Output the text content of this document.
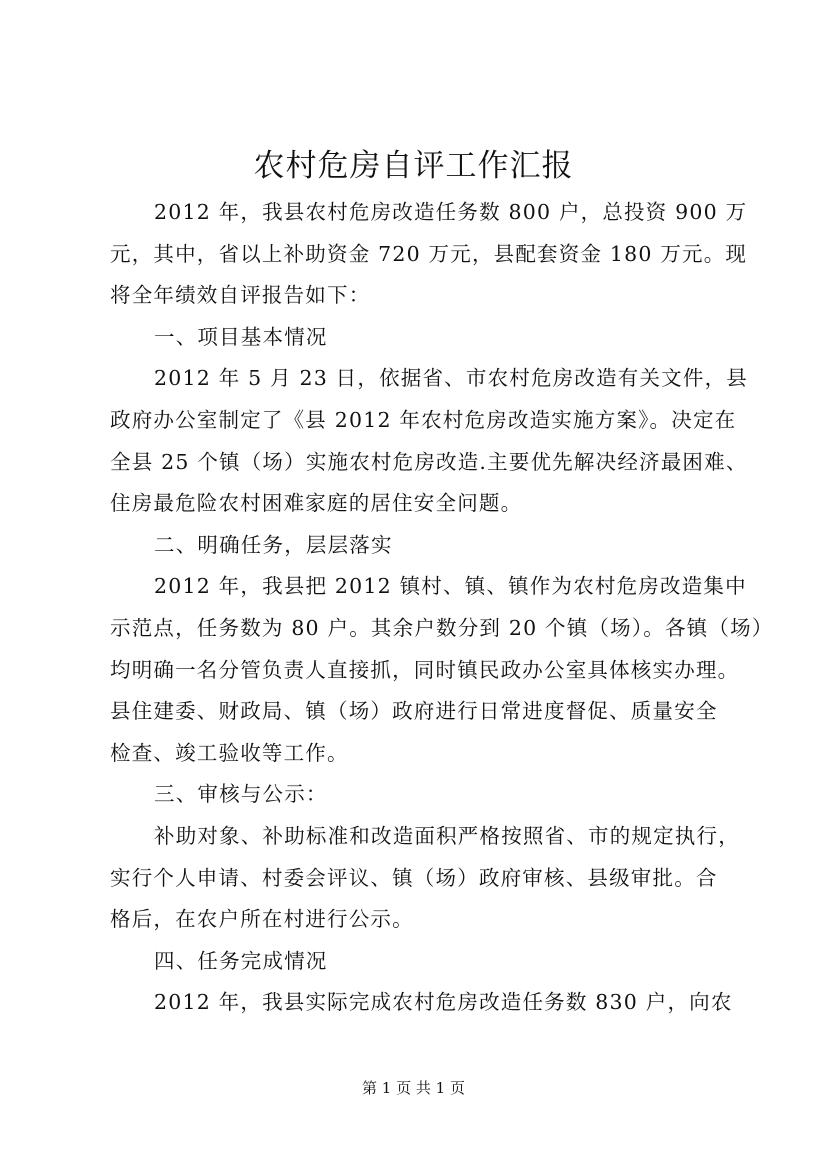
农村危房自评工作汇报
2012 年，我县农村危房改造任务数 800 户，总投资 900 万
元，其中，省以上补助资金 720 万元，县配套资金 180 万元。现
将全年绩效自评报告如下：
一、项目基本情况
2012 年 5 月 23 日，依据省、市农村危房改造有关文件，县
政府办公室制定了《县 2012 年农村危房改造实施方案》。决定在
全县 25 个镇（场）实施农村危房改造.主要优先解决经济最困难、
住房最危险农村困难家庭的居住安全问题。
二、明确任务，层层落实
2012 年，我县把 2012 镇村、镇、镇作为农村危房改造集中
示范点，任务数为 80 户。其余户数分到 20 个镇（场）。各镇（场）
均明确一名分管负责人直接抓，同时镇民政办公室具体核实办理。
县住建委、财政局、镇（场）政府进行日常进度督促、质量安全
检查、竣工验收等工作。
三、审核与公示：
补助对象、补助标准和改造面积严格按照省、市的规定执行，
实行个人申请、村委会评议、镇（场）政府审核、县级审批。合
格后，在农户所在村进行公示。
四、任务完成情况
2012 年，我县实际完成农村危房改造任务数 830 户，向农
第 1 页 共 1 页
